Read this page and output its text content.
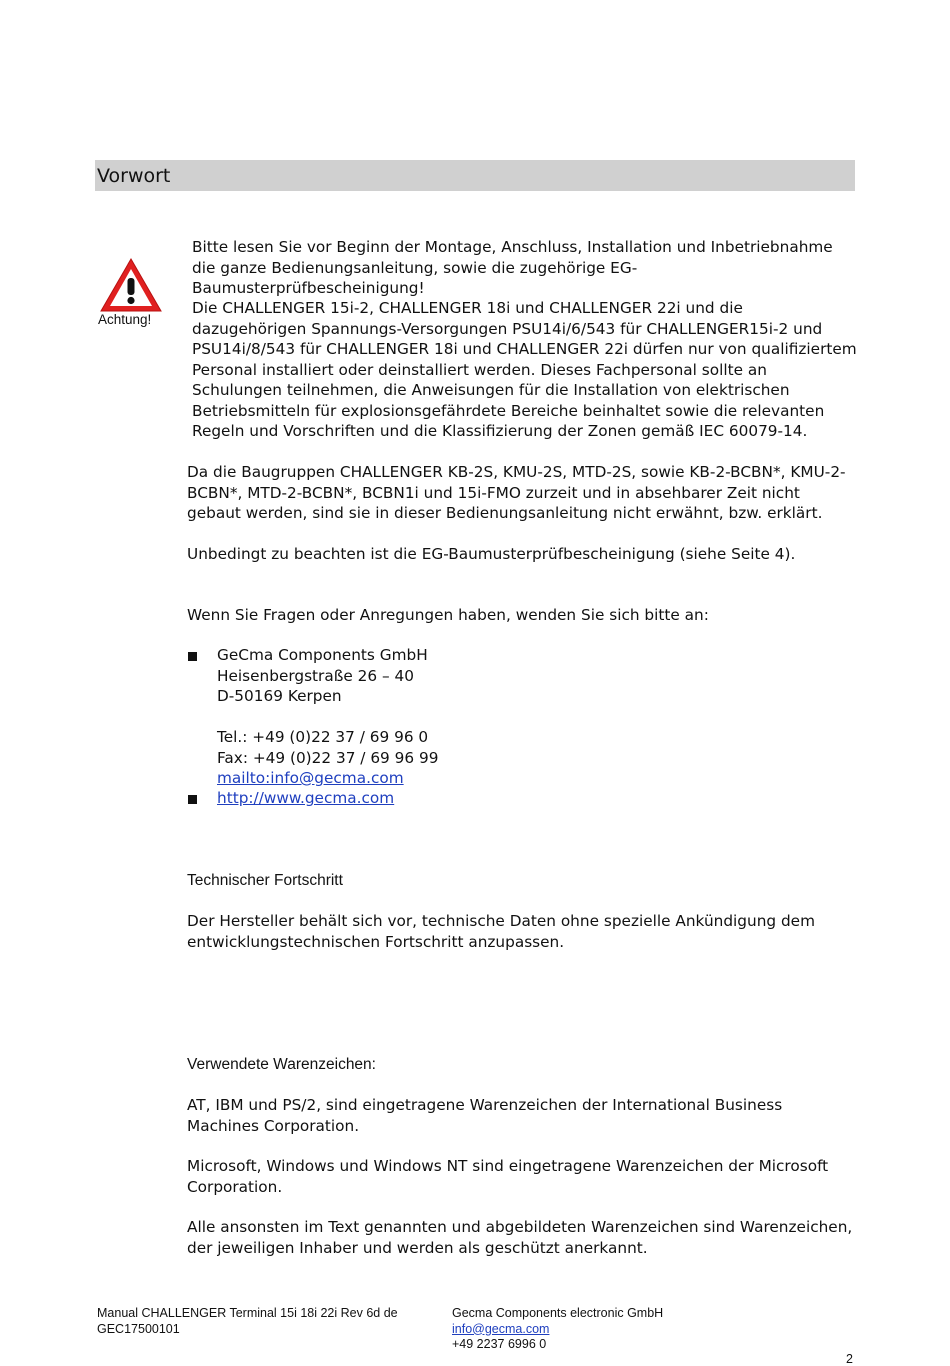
Vorwort
Achtung!

Bitte lesen Sie vor Beginn der Montage, Anschluss, Installation und Inbetriebnahme die ganze Bedienungsanleitung, sowie die zugehörige EG-Baumusterprüfbescheinigung!

Die CHALLENGER 15i-2, CHALLENGER 18i und CHALLENGER 22i und die dazugehörigen Spannungs-Versorgungen PSU14i/6/543 für CHALLENGER15i-2 und PSU14i/8/543 für CHALLENGER 18i und CHALLENGER 22i dürfen nur von qualifiziertem Personal installiert oder deinstalliert werden. Dieses Fachpersonal sollte an Schulungen teilnehmen, die Anweisungen für die Installation von elektrischen Betriebsmitteln für explosionsgefährdete Bereiche beinhaltet sowie die relevanten Regeln und Vorschriften und die Klassifizierung der Zonen gemäß IEC 60079-14.

Da die Baugruppen CHALLENGER KB-2S, KMU-2S, MTD-2S, sowie KB-2-BCBN*, KMU-2-BCBN*, MTD-2-BCBN*, BCBN1i und 15i-FMO zurzeit und in absehbarer Zeit nicht gebaut werden, sind sie in dieser Bedienungsanleitung nicht erwähnt, bzw. erklärt.

Unbedingt zu beachten ist die EG-Baumusterprüfbescheinigung (siehe Seite 4).

Wenn Sie Fragen oder Anregungen haben, wenden Sie sich bitte an:

GeCma Components GmbH
Heisenbergstraße 26 – 40
D-50169 Kerpen
Tel.: +49 (0)22 37 / 69 96 0
Fax: +49 (0)22 37 / 69 96 99
mailto:info@gecma.com
http://www.gecma.com
Technischer Fortschritt

Der Hersteller behält sich vor, technische Daten ohne spezielle Ankündigung dem entwicklungstechnischen Fortschritt anzupassen.

Verwendete Warenzeichen:

AT, IBM und PS/2, sind eingetragene Warenzeichen der International Business Machines Corporation.

Microsoft, Windows und Windows NT sind eingetragene Warenzeichen der Microsoft Corporation.

Alle ansonsten im Text genannten und abgebildeten Warenzeichen sind Warenzeichen, der jeweiligen Inhaber und werden als geschützt anerkannt.

Manual CHALLENGER Terminal 15i 18i 22i Rev 6d de
GEC17500101
Gecma Components electronic GmbH
info@gecma.com
+49 2237 6996 0
2
